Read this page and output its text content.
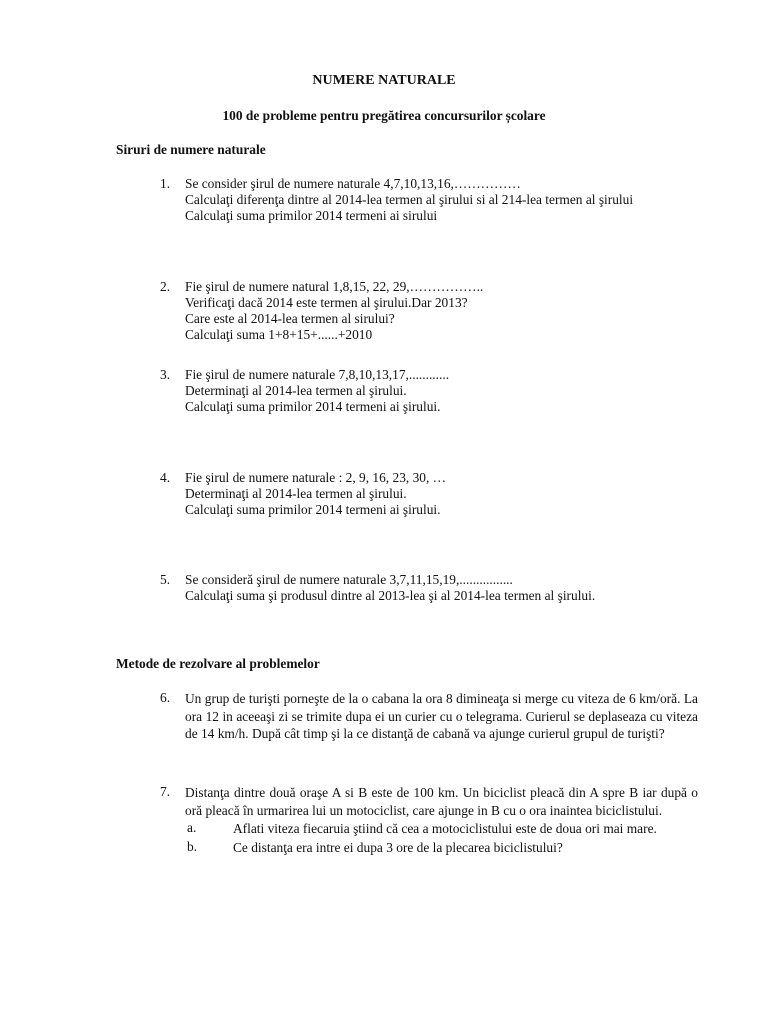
NUMERE NATURALE
100 de probleme pentru pregătirea concursurilor școlare
Siruri de numere naturale
1.	Se consider şirul de numere naturale 4,7,10,13,16,……………
Calculaţi diferenţa dintre al 2014-lea termen al şirului si al 214-lea termen al şirului
Calculaţi suma primilor 2014 termeni ai sirului
2.	Fie şirul de numere natural 1,8,15, 22, 29,……………..
Verificaţi dacă 2014 este termen al şirului.Dar 2013?
Care este al 2014-lea termen al sirului?
Calculaţi suma 1+8+15+......+2010
3.	Fie şirul de numere naturale 7,8,10,13,17,............
Determinaţi al 2014-lea termen al şirului.
Calculaţi suma primilor 2014 termeni ai şirului.
4.	Fie şirul de numere naturale : 2, 9, 16, 23, 30, …
Determinaţi al 2014-lea termen al şirului.
Calculaţi suma primilor 2014 termeni ai şirului.
5.	Se consideră şirul de numere naturale 3,7,11,15,19,................
Calculaţi suma şi produsul dintre al 2013-lea şi al 2014-lea termen al şirului.
Metode de rezolvare al problemelor
6.	Un grup de turişti porneşte de la o cabana la ora 8 dimineaţa si merge cu viteza de 6 km/oră. La ora 12 in aceeaşi zi se trimite dupa ei un curier cu o telegrama. Curierul se deplaseaza cu viteza de 14 km/h. După cât timp şi la ce distanţă de cabană va ajunge curierul grupul de turişti?
7.	Distanţa dintre două oraşe A si B este de 100 km. Un biciclist pleacă din A spre B iar după o oră pleacă în urmarirea lui un motociclist, care ajunge in B cu o ora inaintea biciclistului.
a.	Aflati viteza fiecaruia ştiind că cea a motociclistului este de doua ori mai mare.
b.	Ce distanţa era intre ei dupa 3 ore de la plecarea biciclistului?
